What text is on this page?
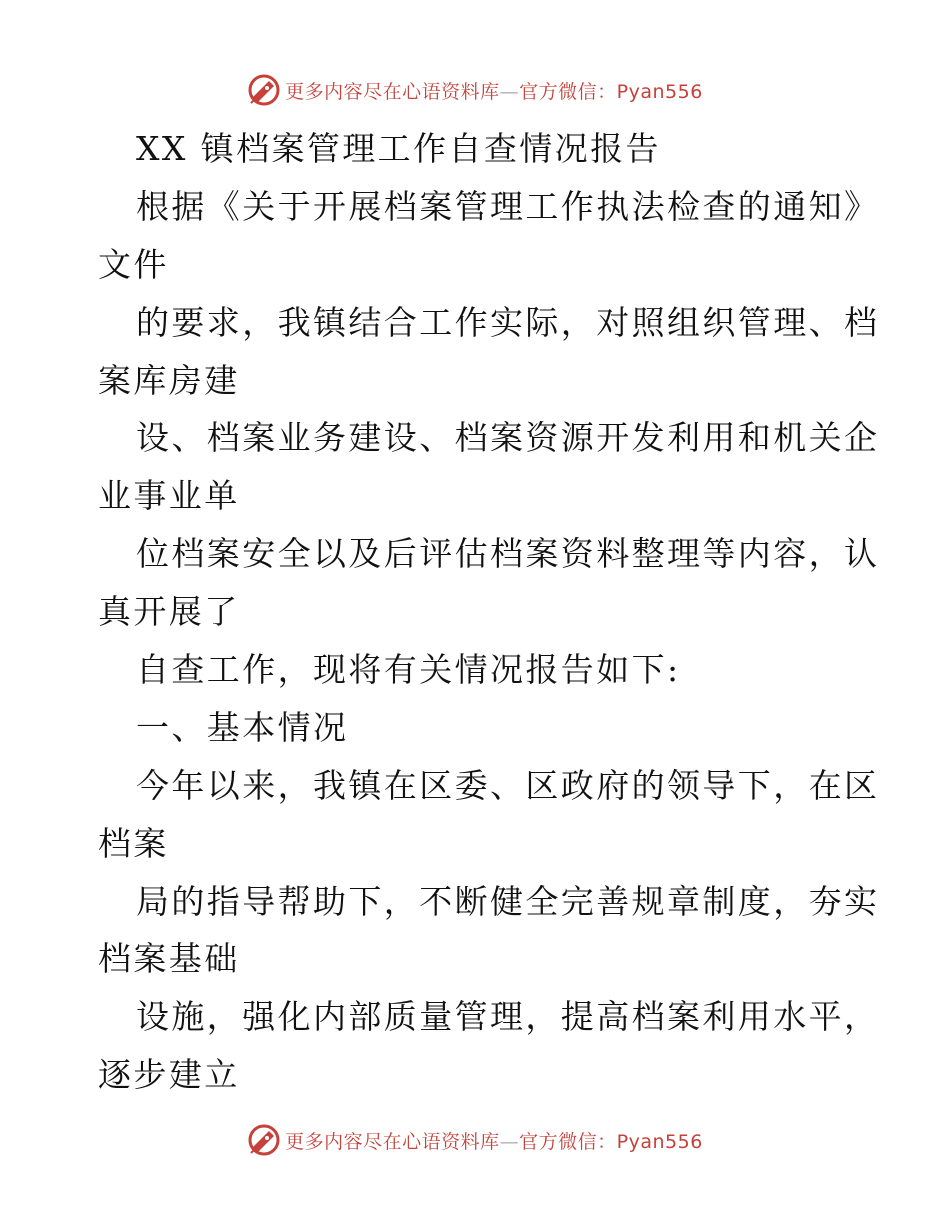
更多内容尽在心语资料库—官方微信：Pyan556
XX 镇档案管理工作自查情况报告
根据《关于开展档案管理工作执法检查的通知》
文件
的要求，我镇结合工作实际，对照组织管理、档
案库房建
设、档案业务建设、档案资源开发利用和机关企
业事业单
位档案安全以及后评估档案资料整理等内容，认
真开展了
自查工作，现将有关情况报告如下:
一、基本情况
今年以来，我镇在区委、区政府的领导下，在区
档案
局的指导帮助下，不断健全完善规章制度，夯实
档案基础
设施，强化内部质量管理，提高档案利用水平，
逐步建立
更多内容尽在心语资料库—官方微信：Pyan556
